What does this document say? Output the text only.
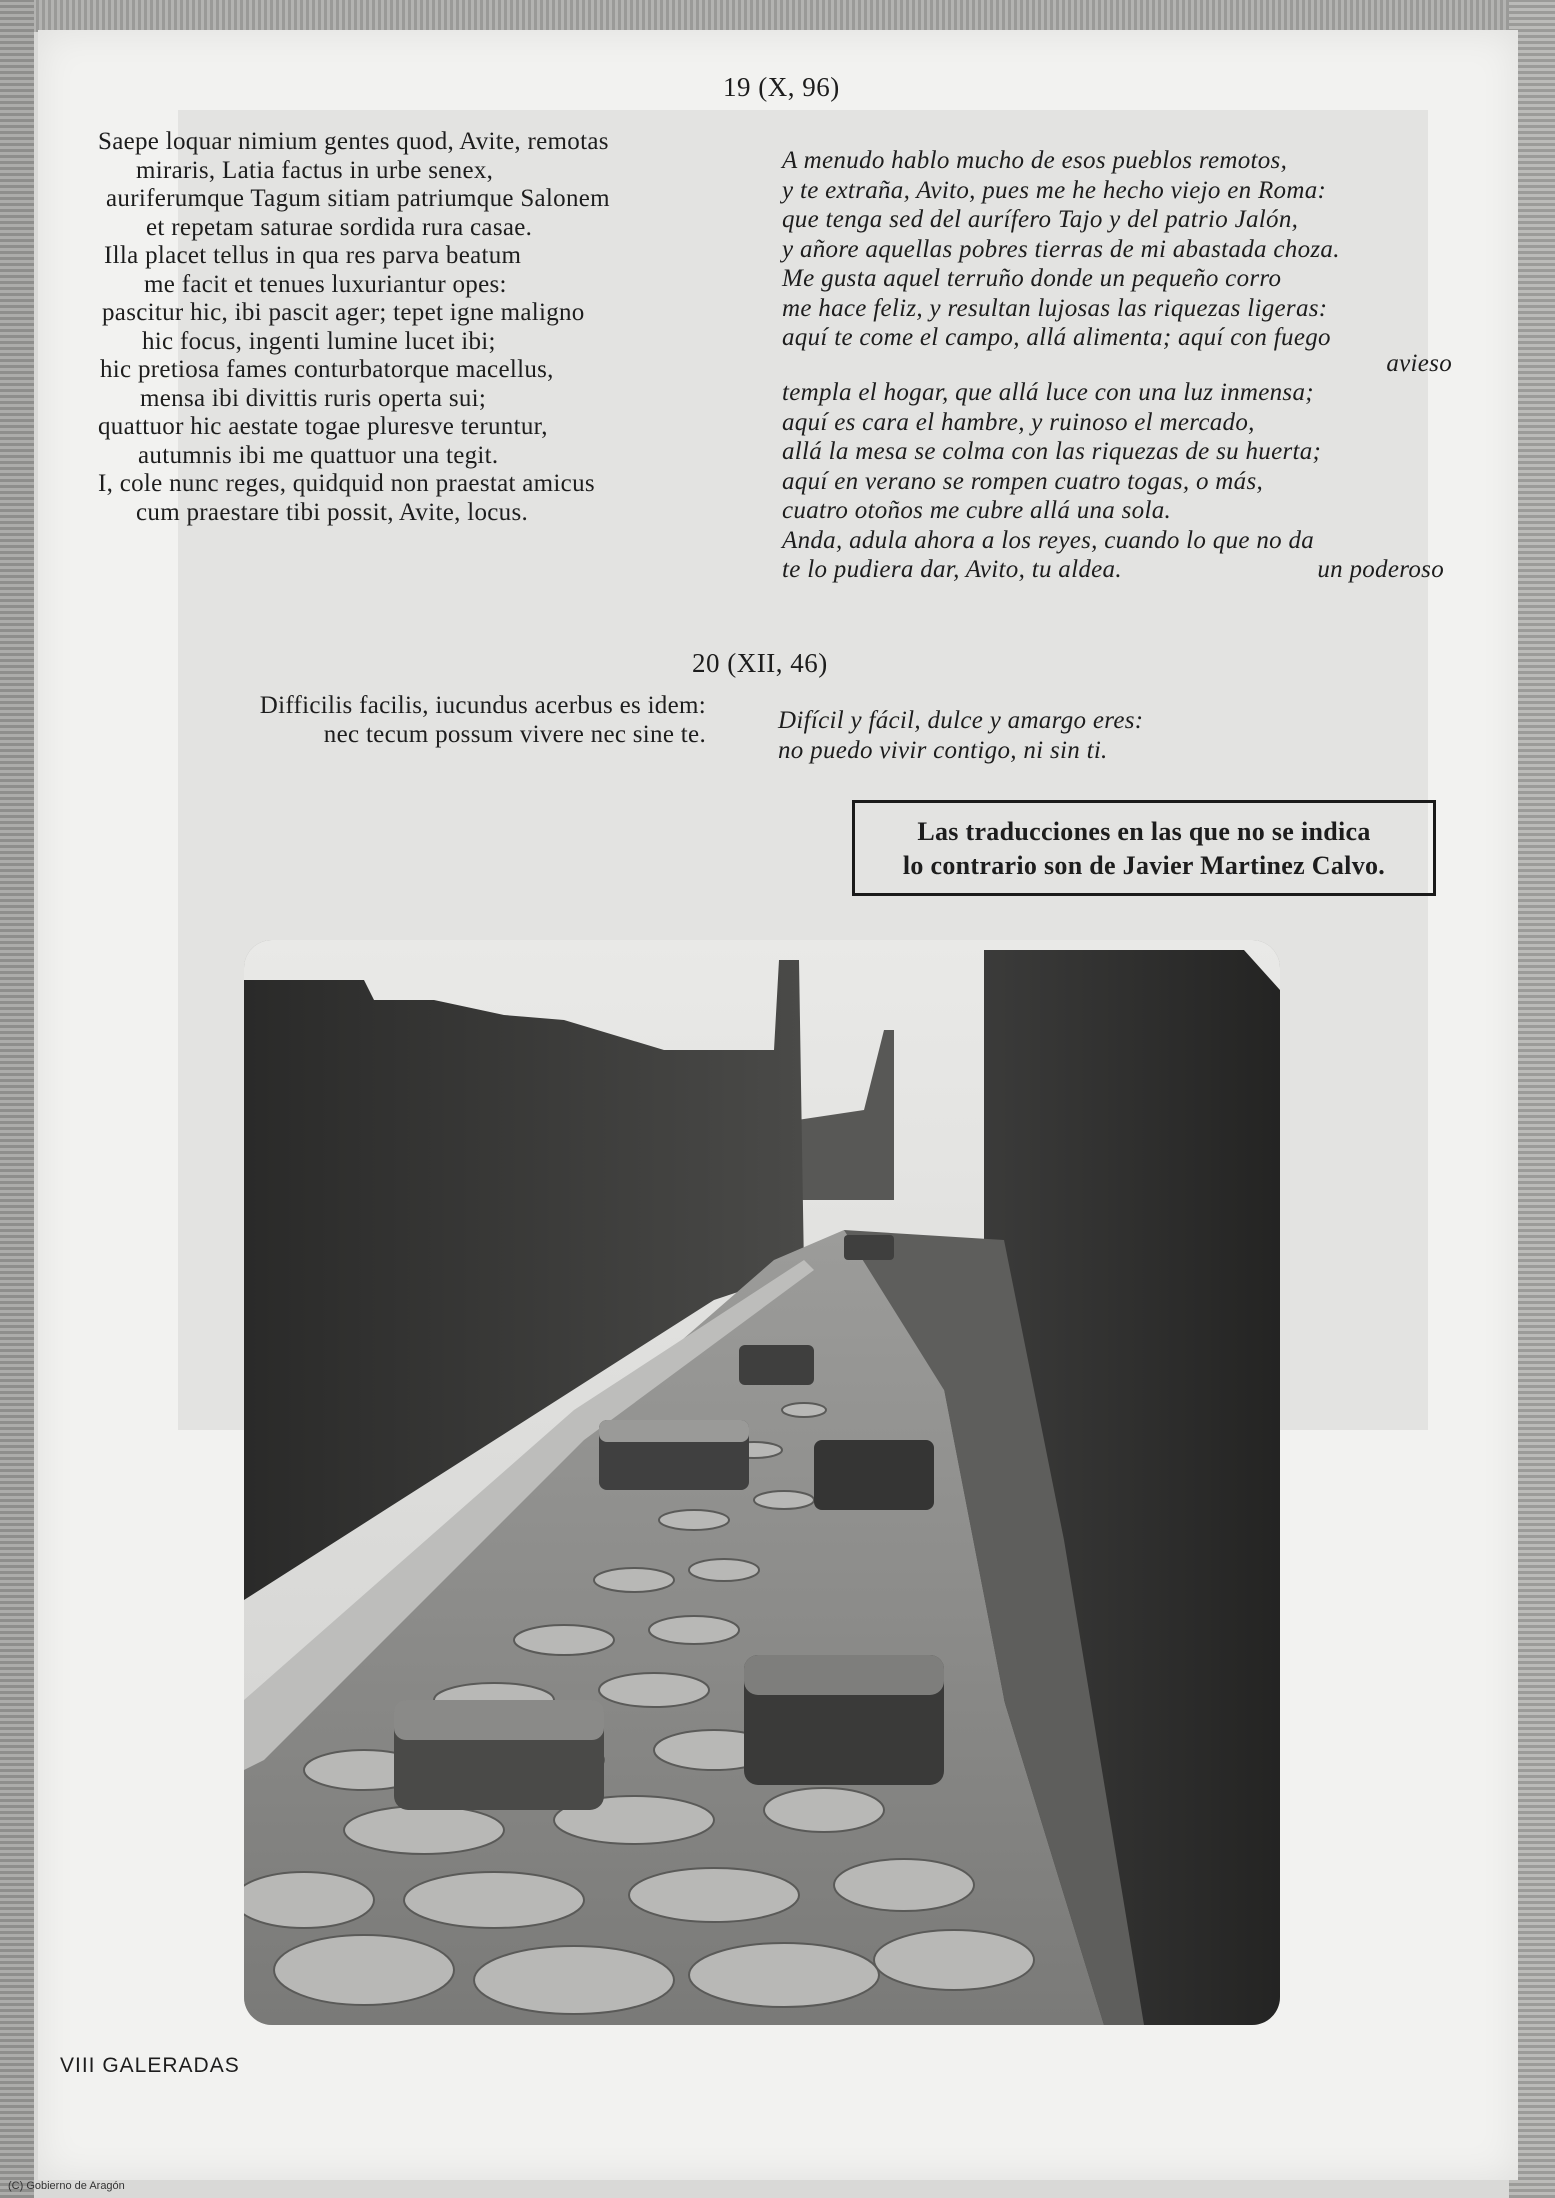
19 (X, 96)
Saepe loquar nimium gentes quod, Avite, remotas
miraris, Latia factus in urbe senex,
auriferumque Tagum sitiam patriumque Salonem
et repetam saturae sordida rura casae.
Illa placet tellus in qua res parva beatum
me facit et tenues luxuriantur opes:
pascitur hic, ibi pascit ager; tepet igne maligno
hic focus, ingenti lumine lucet ibi;
hic pretiosa fames conturbatorque macellus,
mensa ibi divittis ruris operta sui;
quattuor hic aestate togae pluresve teruntur,
autumnis ibi me quattuor una tegit.
I, cole nunc reges, quidquid non praestat amicus
cum praestare tibi possit, Avite, locus.
A menudo hablo mucho de esos pueblos remotos,
y te extraña, Avito, pues me he hecho viejo en Roma:
que tenga sed del aurífero Tajo y del patrio Jalón,
y añore aquellas pobres tierras de mi abastada choza.
Me gusta aquel terruño donde un pequeño corro
me hace feliz, y resultan lujosas las riquezas ligeras:
aquí te come el campo, allá alimenta; aquí con fuego
avieso
templa el hogar, que allá luce con una luz inmensa;
aquí es cara el hambre, y ruinoso el mercado,
allá la mesa se colma con las riquezas de su huerta;
aquí en verano se rompen cuatro togas, o más,
cuatro otoños me cubre allá una sola.
Anda, adula ahora a los reyes, cuando lo que no da
te lo pudiera dar, Avito, tu aldea.	un poderoso
20 (XII, 46)
Difficilis facilis, iucundus acerbus es idem:
nec tecum possum vivere nec sine te.	Difícil y fácil, dulce y amargo eres:
no puedo vivir contigo, ni sin ti.
Las traducciones en las que no se indica
lo contrario son de Javier Martinez Calvo.
VIII GALERADAS
(C) Gobierno de Aragón
